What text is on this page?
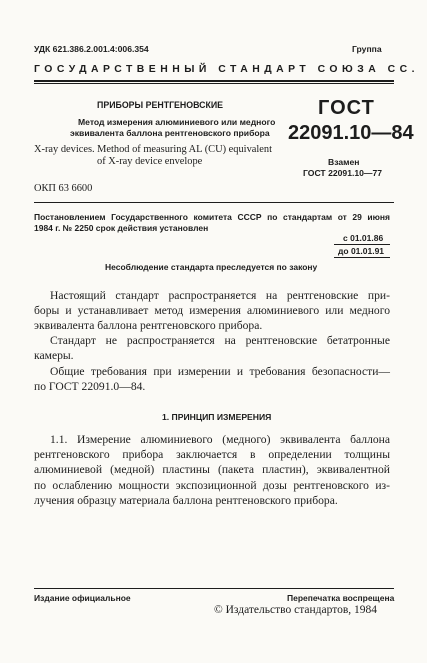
УДК 621.386.2.001.4:006.354	Группа
ГОСУДАРСТВЕННЫЙ СТАНДАРТ СОЮЗА СС.
ПРИБОРЫ РЕНТГЕНОВСКИЕ
Метод измерения алюминиевого или медного
эквивалента баллона рентгеновского прибора
X-ray devices. Method of measuring AL (CU) equivalent
of X-ray device envelope
ГОСТ
22091.10—84
Взамен
ГОСТ 22091.10—77
ОКП 63 6600
Постановлением Государственного комитета СССР по стандартам от 29 июня
1984 г. № 2250 срок действия установлен
с 01.01.86
до 01.01.91
Несоблюдение стандарта преследуется по закону
Настоящий стандарт распространяется на рентгеновские при-
боры и устанавливает метод измерения алюминиевого или медного
эквивалента баллона рентгеновского прибора.
Стандарт не распространяется на рентгеновские бетатронные
камеры.
Общие требования при измерении и требования безопасности—
по ГОСТ 22091.0—84.
1. ПРИНЦИП ИЗМЕРЕНИЯ
1.1. Измерение алюминиевого (медного) эквивалента баллона
рентгеновского прибора заключается в определении толщины
алюминиевой (медной) пластины (пакета пластин), эквивалентной
по ослаблению мощности экспозиционной дозы рентгеновского из-
лучения образцу материала баллона рентгеновского прибора.
Издание официальное	Перепечатка воспрещена
© Издательство стандартов, 1984
